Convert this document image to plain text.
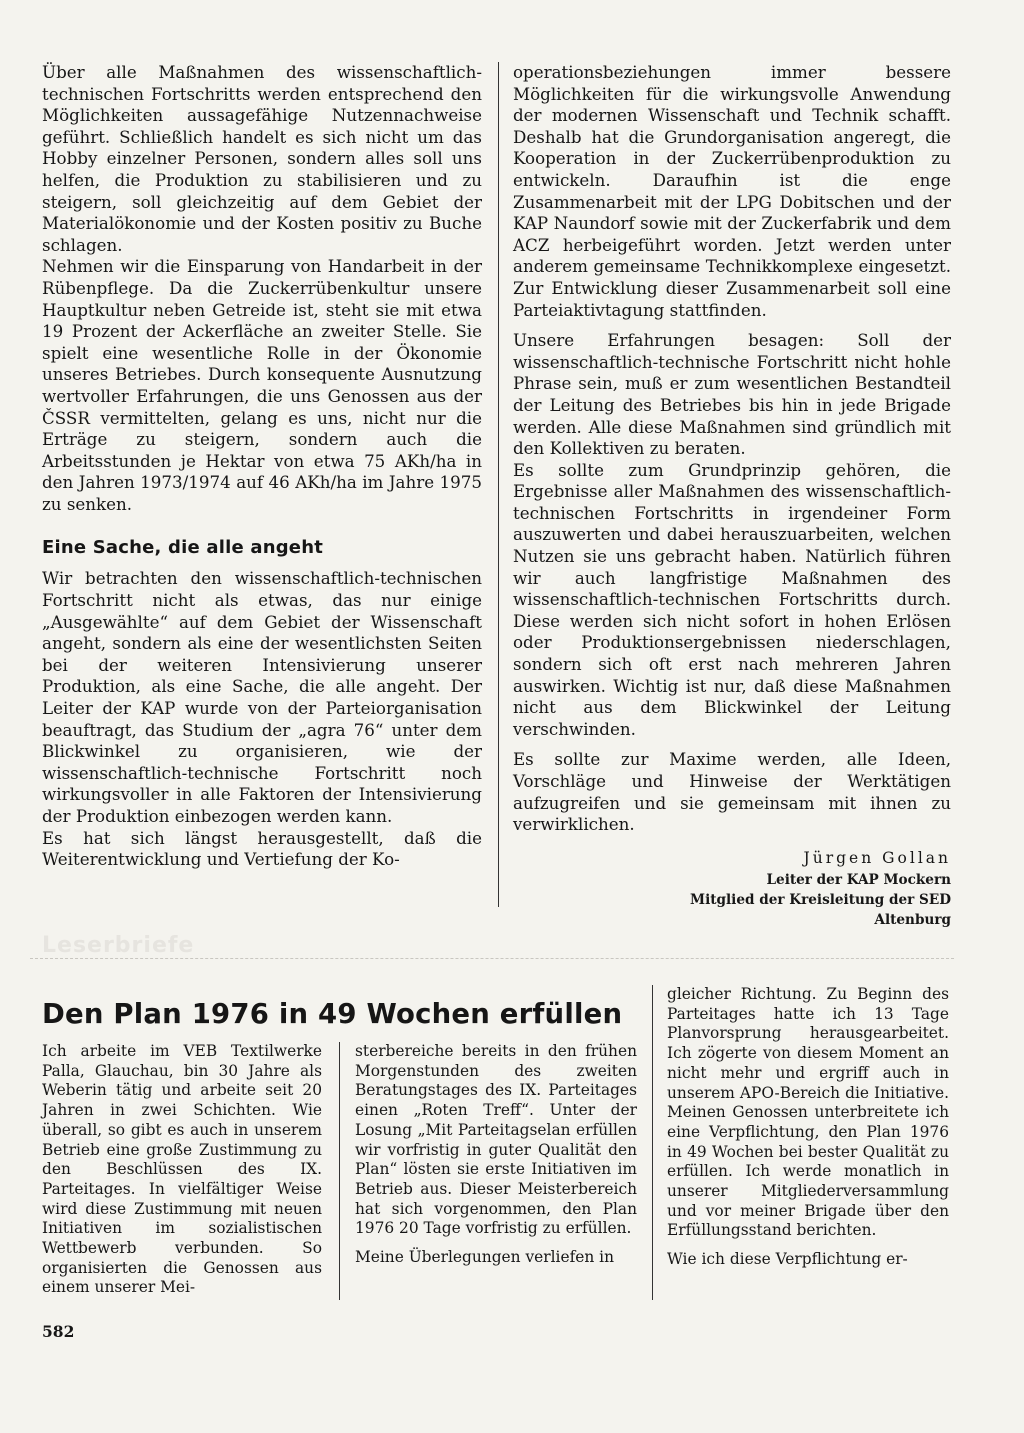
Über alle Maßnahmen des wissenschaftlich-technischen Fortschritts werden entsprechend den Möglichkeiten aussagefähige Nutzennachweise geführt. Schließlich handelt es sich nicht um das Hobby einzelner Personen, sondern alles soll uns helfen, die Produktion zu stabilisieren und zu steigern, soll gleichzeitig auf dem Gebiet der Materialökonomie und der Kosten positiv zu Buche schlagen.

Nehmen wir die Einsparung von Handarbeit in der Rübenpflege. Da die Zuckerrübenkultur unsere Hauptkultur neben Getreide ist, steht sie mit etwa 19 Prozent der Ackerfläche an zweiter Stelle. Sie spielt eine wesentliche Rolle in der Ökonomie unseres Betriebes. Durch konsequente Ausnutzung wertvoller Erfahrungen, die uns Genossen aus der ČSSR vermittelten, gelang es uns, nicht nur die Erträge zu steigern, sondern auch die Arbeitsstunden je Hektar von etwa 75 AKh/ha in den Jahren 1973/1974 auf 46 AKh/ha im Jahre 1975 zu senken.

Eine Sache, die alle angeht

Wir betrachten den wissenschaftlich-technischen Fortschritt nicht als etwas, das nur einige „Ausgewählte“ auf dem Gebiet der Wissenschaft angeht, sondern als eine der wesentlichsten Seiten bei der weiteren Intensivierung unserer Produktion, als eine Sache, die alle angeht. Der Leiter der KAP wurde von der Parteiorganisation beauftragt, das Studium der „agra 76“ unter dem Blickwinkel zu organisieren, wie der wissenschaftlich-technische Fortschritt noch wirkungsvoller in alle Faktoren der Intensivierung der Produktion einbezogen werden kann.

Es hat sich längst herausgestellt, daß die Weiterentwicklung und Vertiefung der Ko-

operationsbeziehungen immer bessere Möglichkeiten für die wirkungsvolle Anwendung der modernen Wissenschaft und Technik schafft. Deshalb hat die Grundorganisation angeregt, die Kooperation in der Zuckerrübenproduktion zu entwickeln. Daraufhin ist die enge Zusammenarbeit mit der LPG Dobitschen und der KAP Naundorf sowie mit der Zuckerfabrik und dem ACZ herbeigeführt worden. Jetzt werden unter anderem gemeinsame Technikkomplexe eingesetzt. Zur Entwicklung dieser Zusammenarbeit soll eine Parteiaktivtagung stattfinden.

Unsere Erfahrungen besagen: Soll der wissenschaftlich-technische Fortschritt nicht hohle Phrase sein, muß er zum wesentlichen Bestandteil der Leitung des Betriebes bis hin in jede Brigade werden. Alle diese Maßnahmen sind gründlich mit den Kollektiven zu beraten.

Es sollte zum Grundprinzip gehören, die Ergebnisse aller Maßnahmen des wissenschaftlich-technischen Fortschritts in irgendeiner Form auszuwerten und dabei herauszuarbeiten, welchen Nutzen sie uns gebracht haben. Natürlich führen wir auch langfristige Maßnahmen des wissenschaftlich-technischen Fortschritts durch. Diese werden sich nicht sofort in hohen Erlösen oder Produktionsergebnissen niederschlagen, sondern sich oft erst nach mehreren Jahren auswirken. Wichtig ist nur, daß diese Maßnahmen nicht aus dem Blickwinkel der Leitung verschwinden.

Es sollte zur Maxime werden, alle Ideen, Vorschläge und Hinweise der Werktätigen aufzugreifen und sie gemeinsam mit ihnen zu verwirklichen.

Jürgen Gollan
Leiter der KAP Mockern
Mitglied der Kreisleitung der SED
Altenburg
Leserbriefe
Den Plan 1976 in 49 Wochen erfüllen

Ich arbeite im VEB Textilwerke Palla, Glauchau, bin 30 Jahre als Weberin tätig und arbeite seit 20 Jahren in zwei Schichten. Wie überall, so gibt es auch in unserem Betrieb eine große Zustimmung zu den Beschlüssen des IX. Parteitages. In vielfältiger Weise wird diese Zustimmung mit neuen Initiativen im sozialistischen Wettbewerb verbunden. So organisierten die Genossen aus einem unserer Mei-

sterbereiche bereits in den frühen Morgenstunden des zweiten Beratungstages des IX. Parteitages einen „Roten Treff“. Unter der Losung „Mit Parteitagselan erfüllen wir vorfristig in guter Qualität den Plan“ lösten sie erste Initiativen im Betrieb aus. Dieser Meisterbereich hat sich vorgenommen, den Plan 1976 20 Tage vorfristig zu erfüllen.

Meine Überlegungen verliefen in

gleicher Richtung. Zu Beginn des Parteitages hatte ich 13 Tage Planvorsprung herausgearbeitet. Ich zögerte von diesem Moment an nicht mehr und ergriff auch in unserem APO-Bereich die Initiative. Meinen Genossen unterbreitete ich eine Verpflichtung, den Plan 1976 in 49 Wochen bei bester Qualität zu erfüllen. Ich werde monatlich in unserer Mitgliederversammlung und vor meiner Brigade über den Erfüllungsstand berichten.

Wie ich diese Verpflichtung er-

582
